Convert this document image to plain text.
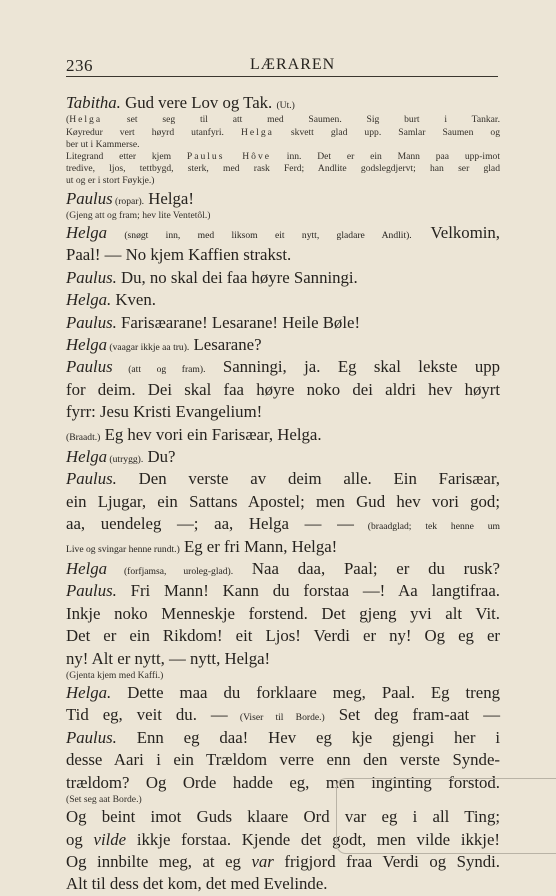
236	LÆRAREN
Tabitha. Gud vere Lov og Tak. (Ut.)
(Helga set seg til att med Saumen. Sig burt i Tankar.
Køyredur vert høyrd utanfyri. Helga skvett glad upp. Samlar Saumen og
ber ut i Kammerse.
Litegrand etter kjem Paulus Hôve inn. Det er ein Mann paa upp-imot
tredive, ljos, tettbygd, sterk, med rask Ferd; Andlite godslegdjervt; han ser glad
ut og er i stort Føykje.)
Paulus (ropar). Helga!
(Gjeng att og fram; hev lite Ventetôl.)
Helga (snøgt inn, med liksom eit nytt, gladare Andlit). Velkomin,
Paal! — No kjem Kaffien strakst.
Paulus. Du, no skal dei faa høyre Sanningi.
Helga. Kven.
Paulus. Farisæarane! Lesarane! Heile Bøle!
Helga (vaagar ikkje aa tru). Lesarane?
Paulus (att og fram). Sanningi, ja. Eg skal lekste upp
for deim. Dei skal faa høyre noko dei aldri hev høyrt
fyrr: Jesu Kristi Evangelium!
(Braadt.) Eg hev vori ein Farisæar, Helga.
Helga (utrygg). Du?
Paulus. Den verste av deim alle. Ein Farisæar,
ein Ljugar, ein Sattans Apostel; men Gud hev vori god;
aa, uendeleg —; aa, Helga — — (braadglad; tek henne um
Live og svingar henne rundt.) Eg er fri Mann, Helga!
Helga (forfjamsa, uroleg-glad). Naa daa, Paal; er du rusk?
Paulus. Fri Mann! Kann du forstaa —! Aa langtifraa.
Inkje noko Menneskje forstend. Det gjeng yvi alt Vit.
Det er ein Rikdom! eit Ljos! Verdi er ny! Og eg er
ny! Alt er nytt, — nytt, Helga!
(Gjenta kjem med Kaffi.)
Helga. Dette maa du forklaare meg, Paal. Eg treng
Tid eg, veit du. — (Viser til Borde.) Set deg fram-aat —
Paulus. Enn eg daa! Hev eg kje gjengi her i
desse Aari i ein Trældom verre enn den verste Synde-
trældom? Og Orde hadde eg, men inginting forstod.
(Set seg aat Borde.)
Og beint imot Guds klaare Ord var eg i all Ting;
og vilde ikkje forstaa. Kjende det godt, men vilde ikkje!
Og innbilte meg, at eg var frigjord fraa Verdi og Syndi.
Alt til dess det kom, det med Evelinde.
